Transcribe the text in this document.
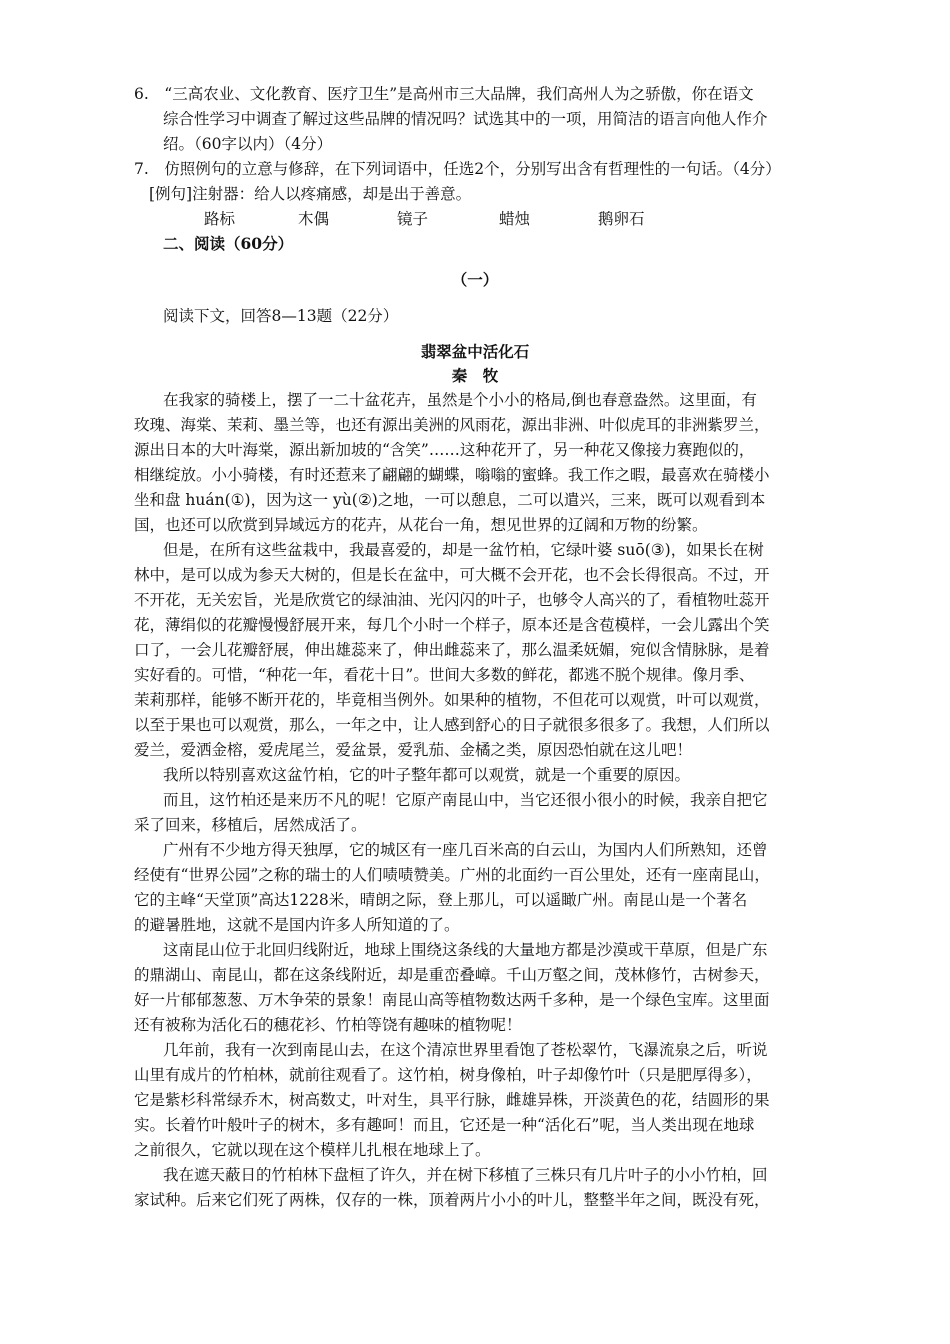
6.　“三高农业、文化教育、医疗卫生”是高州市三大品牌，我们高州人为之骄傲，你在语文
综合性学习中调查了解过这些品牌的情况吗？试选其中的一项，用简洁的语言向他人作介
绍。（60字以内）（4分）
7.　仿照例句的立意与修辞，在下列词语中，任选2个，分别写出含有哲理性的一句话。（4分）
[例句]注射器：给人以疼痛感，却是出于善意。
路标	木偶	镜子	蜡烛	鹅卵石
二、阅读（60分）
（一）
阅读下文，回答8—13题（22分）
翡翠盆中活化石
秦　牧
在我家的骑楼上，摆了一二十盆花卉，虽然是个小小的格局,倒也春意盎然。这里面，有
玫瑰、海棠、茉莉、墨兰等，也还有源出美洲的风雨花，源出非洲、叶似虎耳的非洲紫罗兰，
源出日本的大叶海棠，源出新加坡的“含笑”……这种花开了，另一种花又像接力赛跑似的，
相继绽放。小小骑楼，有时还惹来了翩翩的蝴蝶，嗡嗡的蜜蜂。我工作之暇，最喜欢在骑楼小
坐和盘 huán(①)，因为这一 yù(②)之地，一可以憩息，二可以遣兴，三来，既可以观看到本
国，也还可以欣赏到异域远方的花卉，从花台一角，想见世界的辽阔和万物的纷繁。
但是，在所有这些盆栽中，我最喜爱的，却是一盆竹柏，它绿叶婆 suō(③)，如果长在树
林中，是可以成为参天大树的，但是长在盆中，可大概不会开花，也不会长得很高。不过，开
不开花，无关宏旨，光是欣赏它的绿油油、光闪闪的叶子，也够令人高兴的了，看植物吐蕊开
花，薄绢似的花瓣慢慢舒展开来，每几个小时一个样子，原本还是含苞模样，一会儿露出个笑
口了，一会儿花瓣舒展，伸出雄蕊来了，伸出雌蕊来了，那么温柔妩媚，宛似含情脉脉，是着
实好看的。可惜，“种花一年，看花十日”。世间大多数的鲜花，都逃不脱个规律。像月季、
茉莉那样，能够不断开花的，毕竟相当例外。如果种的植物，不但花可以观赏，叶可以观赏，
以至于果也可以观赏，那么，一年之中，让人感到舒心的日子就很多很多了。我想，人们所以
爱兰，爱洒金榕，爱虎尾兰，爱盆景，爱乳茄、金橘之类，原因恐怕就在这儿吧！
我所以特别喜欢这盆竹柏，它的叶子整年都可以观赏，就是一个重要的原因。
而且，这竹柏还是来历不凡的呢！它原产南昆山中，当它还很小很小的时候，我亲自把它
采了回来，移植后，居然成活了。
广州有不少地方得天独厚，它的城区有一座几百米高的白云山，为国内人们所熟知，还曾
经使有“世界公园”之称的瑞士的人们啧啧赞美。广州的北面约一百公里处，还有一座南昆山，
它的主峰“天堂顶”高达1228米，晴朗之际，登上那儿，可以遥瞰广州。南昆山是一个著名
的避暑胜地，这就不是国内许多人所知道的了。
这南昆山位于北回归线附近，地球上围绕这条线的大量地方都是沙漠或干草原，但是广东
的鼎湖山、南昆山，都在这条线附近，却是重峦叠嶂。千山万壑之间，茂林修竹，古树参天，
好一片郁郁葱葱、万木争荣的景象！南昆山高等植物数达两千多种，是一个绿色宝库。这里面
还有被称为活化石的穗花衫、竹柏等饶有趣味的植物呢！
几年前，我有一次到南昆山去，在这个清凉世界里看饱了苍松翠竹，飞瀑流泉之后，听说
山里有成片的竹柏林，就前往观看了。这竹柏，树身像柏，叶子却像竹叶（只是肥厚得多），
它是紫杉科常绿乔木，树高数丈，叶对生，具平行脉，雌雄异株，开淡黄色的花，结圆形的果
实。长着竹叶般叶子的树木，多有趣呵！而且，它还是一种“活化石”呢，当人类出现在地球
之前很久，它就以现在这个模样儿扎根在地球上了。
我在遮天蔽日的竹柏林下盘桓了许久，并在树下移植了三株只有几片叶子的小小竹柏，回
家试种。后来它们死了两株，仅存的一株，顶着两片小小的叶儿，整整半年之间，既没有死，
